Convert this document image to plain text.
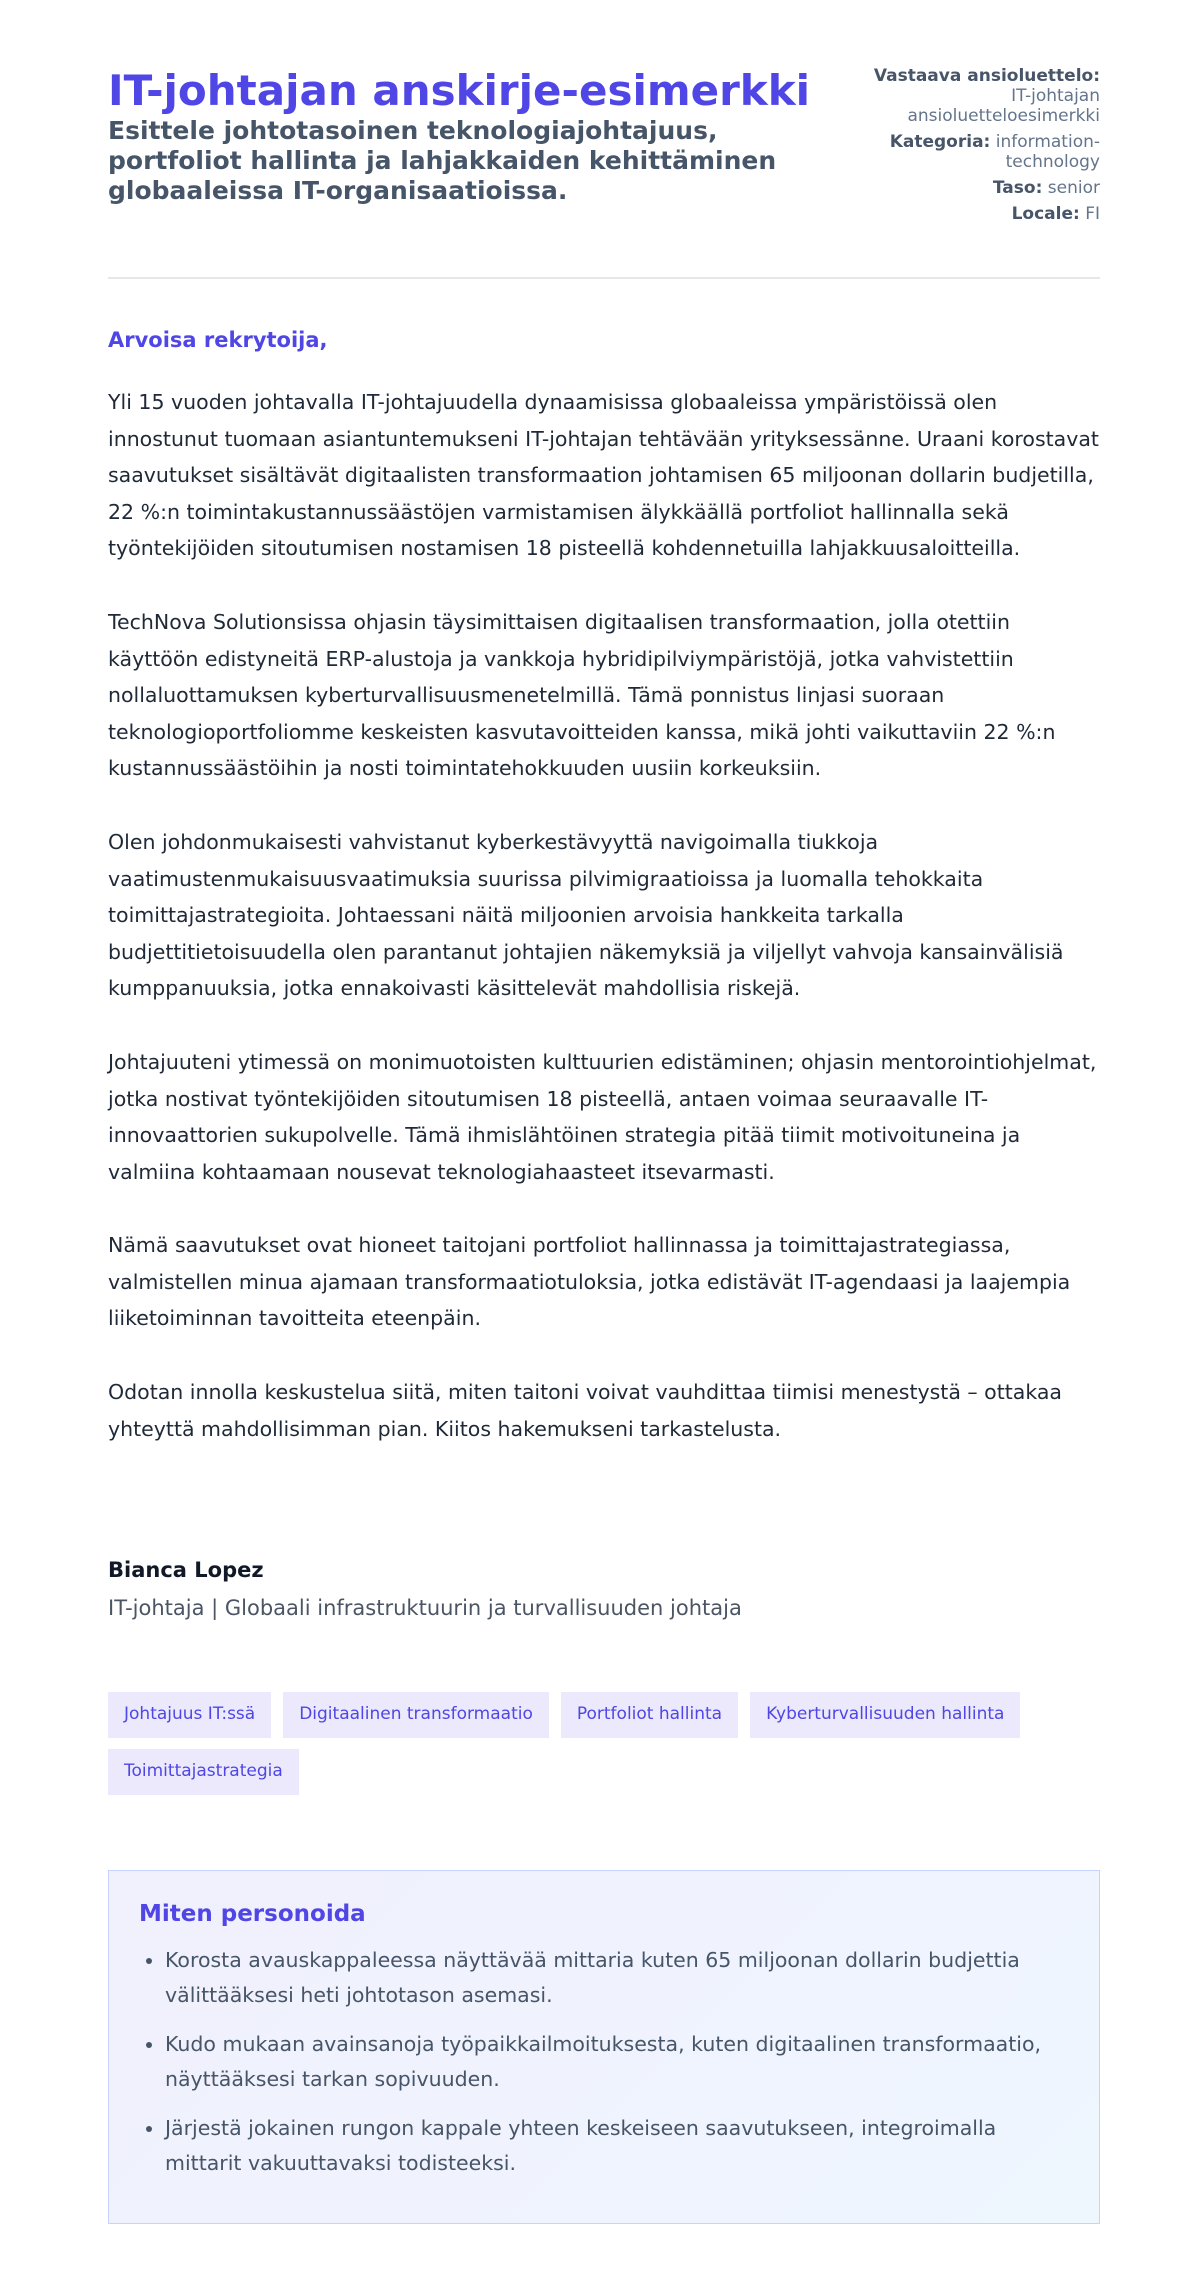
IT-johtajan anskirje-esimerkki
Esittele johtotasoinen teknologiajohtajuus, portfoliot hallinta ja lahjakkaiden kehittäminen globaaleissa IT-organisaatioissa.
Vastaava ansioluettelo: IT-johtajan ansioluetteloesimerkki
Kategoria: information-technology
Taso: senior
Locale: FI
Arvoisa rekrytoija,

Yli 15 vuoden johtavalla IT-johtajuudella dynaamisissa globaaleissa ympäristöissä olen innostunut tuomaan asiantuntemukseni IT-johtajan tehtävään yrityksessänne. Uraani korostavat saavutukset sisältävät digitaalisten transformaation johtamisen 65 miljoonan dollarin budjetilla, 22 %:n toimintakustannussäästöjen varmistamisen älykkäällä portfoliot hallinnalla sekä työntekijöiden sitoutumisen nostamisen 18 pisteellä kohdennetuilla lahjakkuusaloitteilla.

TechNova Solutionsissa ohjasin täysimittaisen digitaalisen transformaation, jolla otettiin käyttöön edistyneitä ERP-alustoja ja vankkoja hybridipilviympäristöjä, jotka vahvistettiin nollaluottamuksen kyberturvallisuusmenetelmillä. Tämä ponnistus linjasi suoraan teknologioportfoliomme keskeisten kasvutavoitteiden kanssa, mikä johti vaikuttaviin 22 %:n kustannussäästöihin ja nosti toimintatehokkuuden uusiin korkeuksiin.

Olen johdonmukaisesti vahvistanut kyberkestävyyttä navigoimalla tiukkoja vaatimustenmukaisuusvaatimuksia suurissa pilvimigraatioissa ja luomalla tehokkaita toimittajastrategioita. Johtaessani näitä miljoonien arvoisia hankkeita tarkalla budjettitietoisuudella olen parantanut johtajien näkemyksiä ja viljellyt vahvoja kansainvälisiä kumppanuuksia, jotka ennakoivasti käsittelevät mahdollisia riskejä.

Johtajuuteni ytimessä on monimuotoisten kulttuurien edistäminen; ohjasin mentorointiohjelmat, jotka nostivat työntekijöiden sitoutumisen 18 pisteellä, antaen voimaa seuraavalle IT-innovaattorien sukupolvelle. Tämä ihmislähtöinen strategia pitää tiimit motivoituneina ja valmiina kohtaamaan nousevat teknologiahaasteet itsevarmasti.

Nämä saavutukset ovat hioneet taitojani portfoliot hallinnassa ja toimittajastrategiassa, valmistellen minua ajamaan transformaatiotuloksia, jotka edistävät IT-agendaasi ja laajempia liiketoiminnan tavoitteita eteenpäin.

Odotan innolla keskustelua siitä, miten taitoni voivat vauhdittaa tiimisi menestystä – ottakaa yhteyttä mahdollisimman pian. Kiitos hakemukseni tarkastelusta.

Bianca Lopez
IT-johtaja | Globaali infrastruktuurin ja turvallisuuden johtaja
Johtajuus IT:ssä	Digitaalinen transformaatio	Portfoliot hallinta	Kyberturvallisuuden hallinta
Toimittajastrategia
Miten personoida
• Korosta avauskappaleessa näyttävää mittaria kuten 65 miljoonan dollarin budjettia välittääksesi heti johtotason asemasi.
• Kudo mukaan avainsanoja työpaikkailmoituksesta, kuten digitaalinen transformaatio, näyttääksesi tarkan sopivuuden.
• Järjestä jokainen rungon kappale yhteen keskeiseen saavutukseen, integroimalla mittarit vakuuttavaksi todisteeksi.
